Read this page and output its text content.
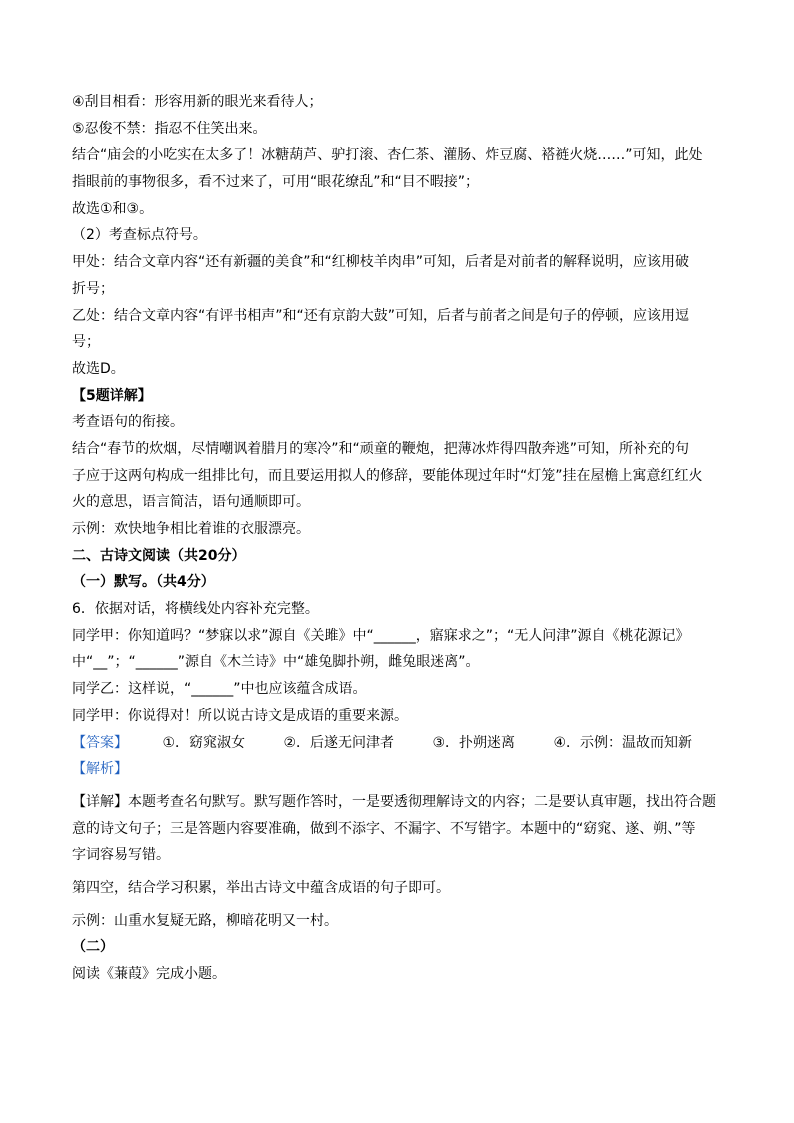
④刮目相看：形容用新的眼光来看待人；
⑤忍俊不禁：指忍不住笑出来。
结合“庙会的小吃实在太多了！冰糖葫芦、驴打滚、杏仁茶、灌肠、炸豆腐、褡裢火烧……”可知，此处
指眼前的事物很多，看不过来了，可用“眼花缭乱”和“目不暇接”；
故选①和③。
（2）考查标点符号。
甲处：结合文章内容“还有新疆的美食”和“红柳枝羊肉串”可知，后者是对前者的解释说明，应该用破
折号；
乙处：结合文章内容“有评书相声”和“还有京韵大鼓”可知，后者与前者之间是句子的停顿，应该用逗
号；
故选D。
【5题详解】
考查语句的衔接。
结合“春节的炊烟，尽情嘲讽着腊月的寒冷”和“顽童的鞭炮，把薄冰炸得四散奔逃”可知，所补充的句
子应于这两句构成一组排比句，而且要运用拟人的修辞，要能体现过年时“灯笼”挂在屋檐上寓意红红火
火的意思，语言简洁，语句通顺即可。
示例：欢快地争相比着谁的衣服漂亮。
二、古诗文阅读（共20分）
（一）默写。（共4分）
6．依据对话，将横线处内容补充完整。
同学甲：你知道吗？“梦寐以求”源自《关雎》中“______，寤寐求之”；“无人问津”源自《桃花源记》
中“__”；“______”源自《木兰诗》中“雄兔脚扑朔，雌兔眼迷离”。
同学乙：这样说，“______”中也应该蕴含成语。
同学甲：你说得对！所以说古诗文是成语的重要来源。
【答案】 ①．窈窕淑女	②．后遂无问津者	③．扑朔迷离	④．示例：温故而知新
【解析】
【详解】本题考查名句默写。默写题作答时，一是要透彻理解诗文的内容；二是要认真审题，找出符合题
意的诗文句子；三是答题内容要准确，做到不添字、不漏字、不写错字。本题中的“窈窕、遂、朔、”等
字词容易写错。
第四空，结合学习积累，举出古诗文中蕴含成语的句子即可。
示例：山重水复疑无路，柳暗花明又一村。
（二）
阅读《蒹葭》完成小题。
